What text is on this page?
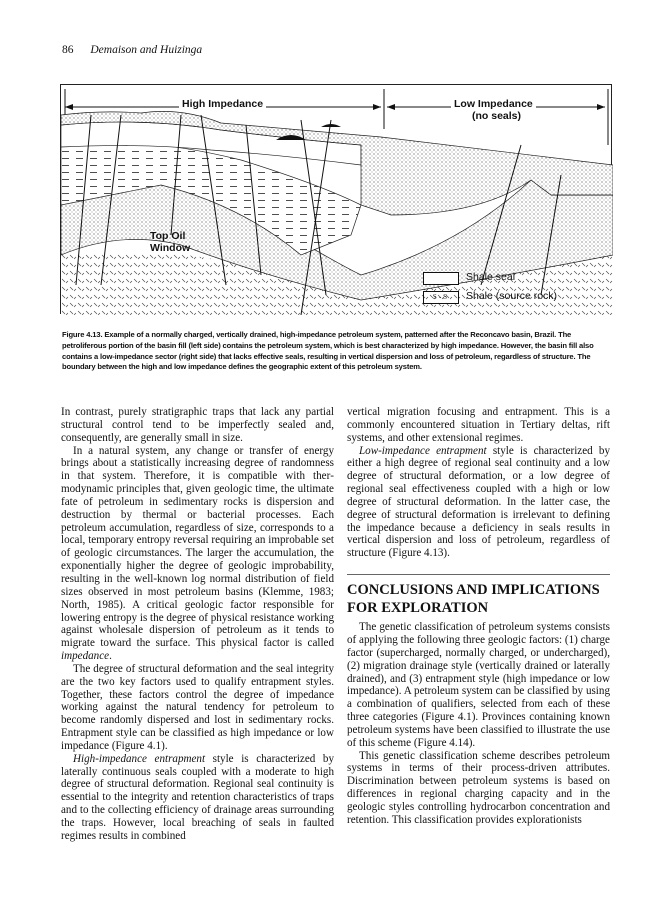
86 Demaison and Huizinga
High Impedance	Low Impedance
(no seals)
Top Oil
Window
Shale seal
S-S	Shale (source rock)
Figure 4.13. Example of a normally charged, vertically drained, high-impedance petroleum system, patterned after the Reconcavo basin, Brazil. The petroliferous portion of the basin fill (left side) contains the petroleum system, which is best characterized by high impedance. However, the basin fill also contains a low-impedance sector (right side) that lacks effective seals, resulting in vertical dispersion and loss of petroleum, regardless of structure. The boundary between the high and low impedance defines the geographic extent of this petroleum system.

In contrast, purely stratigraphic traps that lack any partial structural control tend to be imperfectly sealed and, consequently, are generally small in size.

In a natural system, any change or transfer of energy brings about a statistically increasing degree of randomness in that system. Therefore, it is compatible with thermodynamic principles that, given geologic time, the ultimate fate of petroleum in sedimentary rocks is dispersion and destruction by thermal or bacterial processes. Each petroleum accumulation, regardless of size, corresponds to a local, temporary entropy reversal requiring an improbable set of geologic circumstances. The larger the accumulation, the exponentially higher the degree of geologic improbability, resulting in the well-known log normal distribution of field sizes observed in most petroleum basins (Klemme, 1983; North, 1985). A critical geologic factor responsible for lowering entropy is the degree of physical resistance working against wholesale dispersion of petroleum as it tends to migrate toward the surface. This physical factor is called impedance.

The degree of structural deformation and the seal integrity are the two key factors used to qualify entrapment styles. Together, these factors control the degree of impedance working against the natural tendency for petroleum to become randomly dispersed and lost in sedimentary rocks. Entrapment style can be classified as high impedance or low impedance (Figure 4.1).

High-impedance entrapment style is characterized by laterally continuous seals coupled with a moderate to high degree of structural deformation. Regional seal continuity is essential to the integrity and retention characteristics of traps and to the collecting efficiency of drainage areas surrounding the traps. However, local breaching of seals in faulted regimes results in combined

vertical migration focusing and entrapment. This is a commonly encountered situation in Tertiary deltas, rift systems, and other extensional regimes.

Low-impedance entrapment style is characterized by either a high degree of regional seal continuity and a low degree of structural deformation, or a low degree of regional seal effectiveness coupled with a high or low degree of structural deformation. In the latter case, the degree of structural deformation is irrelevant to defining the impedance because a deficiency in seals results in vertical dispersion and loss of petroleum, regardless of structure (Figure 4.13).

CONCLUSIONS AND IMPLICATIONS FOR EXPLORATION

The genetic classification of petroleum systems consists of applying the following three geologic factors: (1) charge factor (supercharged, normally charged, or undercharged), (2) migration drainage style (vertically drained or laterally drained), and (3) entrapment style (high impedance or low impedance). A petroleum system can be classified by using a combination of qualifiers, selected from each of these three categories (Figure 4.1). Provinces containing known petroleum systems have been classified to illustrate the use of this scheme (Figure 4.14).

This genetic classification scheme describes petroleum systems in terms of their process-driven attributes. Discrimination between petroleum systems is based on differences in regional charging capacity and in the geologic styles controlling hydrocarbon concentration and retention. This classification provides explorationists
